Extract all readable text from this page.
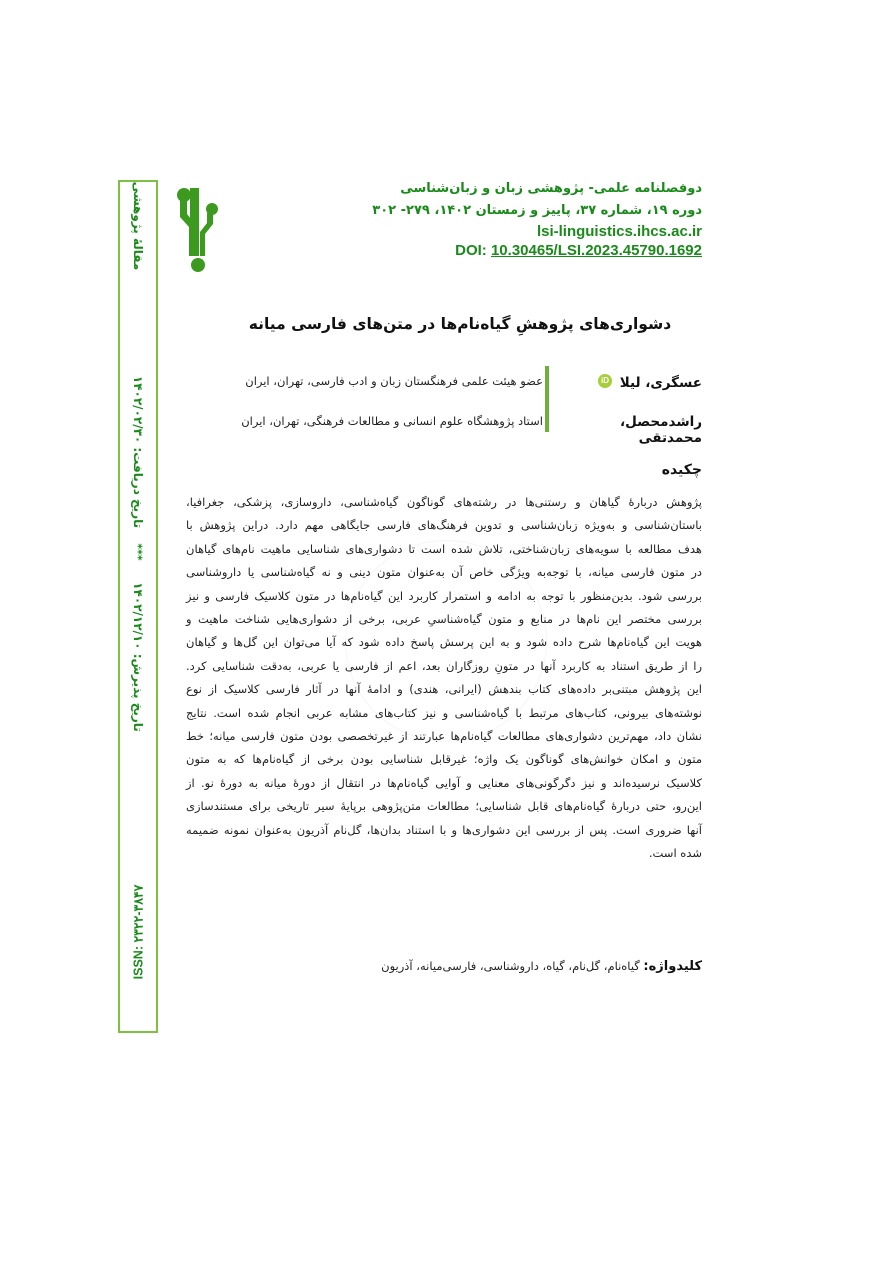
مقالهٔ پژوهشی
تاریخ دریافت: ۱۴۰۲/۰۲/۳۰
***
تاریخ پذیرش: ۱۴۰۲/۱۲/۱۰
ISSN: ۲۳۲۲-۳۸۴۷
دوفصلنامه علمی- پژوهشی زبان و زبان‌شناسی
دوره ۱۹، شماره ۳۷، پاییز و زمستان ۱۴۰۲، ۲۷۹- ۳۰۲
lsi-linguistics.ihcs.ac.ir
DOI: 10.30465/LSI.2023.45790.1692
دشواری‌های پژوهشِ گیاه‌نام‌ها در متن‌های فارسی میانه
عسگری، لیلا iD
عضو هیئت علمی فرهنگستان زبان و ادب فارسی، تهران، ایران
راشدمحصل، محمدتقی
استاد پژوهشگاه علوم انسانی و مطالعات فرهنگی، تهران، ایران
چکیده
پژوهش دربارهٔ گیاهان و رستنی‌ها در رشته‌های گوناگون گیاه‌شناسی، داروسازی، پزشکی، جغرافیا،
باستان‌شناسی و به‌ویژه زبان‌شناسی و تدوین فرهنگ‌های فارسی جایگاهی مهم دارد. دراین پژوهش با
هدف مطالعه با سویه‌های زبان‌شناختی، تلاش شده است تا دشواری‌های شناسایی ماهیت نام‌های گیاهان
در متون فارسی میانه، با توجه‌به ویژگی خاص آن به‌عنوان متون دینی و نه گیاه‌شناسی یا داروشناسی
بررسی شود. بدین‌منظور با توجه به ادامه و استمرار کاربرد این گیاه‌نام‌ها در متون کلاسیک فارسی و نیز
بررسی مختصر این نام‌ها در منابع و متون گیاه‌شناسیِ عربی، برخی از دشواری‌هایی شناخت ماهیت و
هویت این گیاه‌نام‌ها شرح داده شود و به این پرسش پاسخ داده شود که آیا می‌توان این گل‌ها و گیاهان
را از طریق استناد به کاربرد آنها در متونِ روزگاران بعد، اعم از فارسی یا عربی، به‌دقت شناسایی کرد.
این پژوهش مبتنی‌بر داده‌های کتاب بندهش (ایرانی، هندی) و ادامهٔ آنها در آثار فارسی کلاسیک از نوع
نوشته‌های بیرونی، کتاب‌های مرتبط با گیاه‌شناسی و نیز کتاب‌های مشابه عربی انجام شده است. نتایج
نشان داد، مهم‌ترین دشواری‌های مطالعات گیاه‌نام‌ها عبارتند از غیرتخصصی بودن متون فارسی میانه؛ خط
متون و امکان خوانش‌های گوناگون یک واژه؛ غیرقابل شناسایی بودن برخی از گیاه‌نام‌ها که به متون
کلاسیک نرسیده‌اند و نیز دگرگونی‌های معنایی و آوایی گیاه‌نام‌ها در انتقال از دورهٔ میانه به دورهٔ نو. از
این‌رو، حتی دربارهٔ گیاه‌نام‌های قابل شناسایی؛ مطالعات متن‌پژوهی برپایهٔ سیر تاریخی برای مستندسازی
آنها ضروری است. پس از بررسی این دشواری‌ها و با استناد بدان‌ها، گل‌نام آذریون به‌عنوان نمونه ضمیمه
شده است.
کلیدواژه: گیاه‌نام، گل‌نام، گیاه، داروشناسی، فارسی‌میانه، آذریون
